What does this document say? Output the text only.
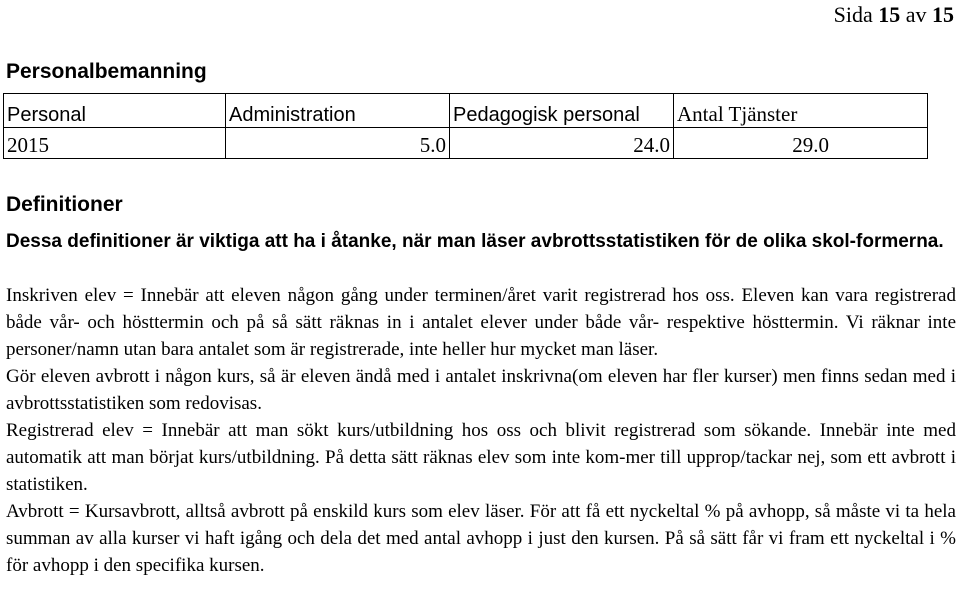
Sida 15 av 15
Personalbemanning
Personal	Administration	Pedagogisk personal	Antal Tjänster
2015	5.0	24.0	29.0
Definitioner
Dessa definitioner är viktiga att ha i åtanke, när man läser avbrottsstatistiken för de olika skol-formerna.

Inskriven elev = Innebär att eleven någon gång under terminen/året varit registrerad hos oss. Eleven kan vara registrerad både vår- och hösttermin och på så sätt räknas in i antalet elever under både vår- respektive hösttermin. Vi räknar inte personer/namn utan bara antalet som är registrerade, inte heller hur mycket man läser.

Gör eleven avbrott i någon kurs, så är eleven ändå med i antalet inskrivna(om eleven har fler kurser) men finns sedan med i avbrottsstatistiken som redovisas.

Registrerad elev = Innebär att man sökt kurs/utbildning hos oss och blivit registrerad som sökande. Innebär inte med automatik att man börjat kurs/utbildning. På detta sätt räknas elev som inte kom-mer till upprop/tackar nej, som ett avbrott i statistiken.

Avbrott = Kursavbrott, alltså avbrott på enskild kurs som elev läser. För att få ett nyckeltal % på avhopp, så måste vi ta hela summan av alla kurser vi haft igång och dela det med antal avhopp i just den kursen. På så sätt får vi fram ett nyckeltal i % för avhopp i den specifika kursen.
